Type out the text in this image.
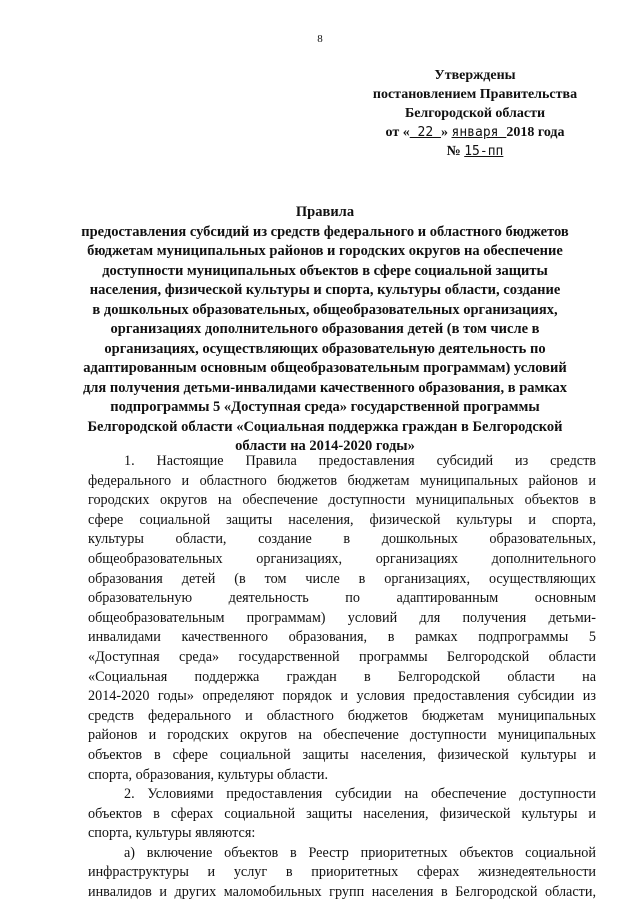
8
Утверждены
постановлением Правительства
Белгородской области
от « 22 » января 2018 года
№ 15-пп
Правила
предоставления субсидий из средств федерального и областного бюджетов
бюджетам муниципальных районов и городских округов на обеспечение
доступности муниципальных объектов в сфере социальной защиты
населения, физической культуры и спорта, культуры области, создание
в дошкольных образовательных, общеобразовательных организациях,
организациях дополнительного образования детей (в том числе в
организациях, осуществляющих образовательную деятельность по
адаптированным основным общеобразовательным программам) условий
для получения детьми-инвалидами качественного образования, в рамках
подпрограммы 5 «Доступная среда» государственной программы
Белгородской области «Социальная поддержка граждан в Белгородской
области на 2014-2020 годы»
1. Настоящие Правила предоставления субсидий из средств
федерального и областного бюджетов бюджетам муниципальных районов и
городских округов на обеспечение доступности муниципальных объектов в
сфере социальной защиты населения, физической культуры и спорта,
культуры области, создание в дошкольных образовательных,
общеобразовательных организациях, организациях дополнительного
образования детей (в том числе в организациях, осуществляющих
образовательную деятельность по адаптированным основным
общеобразовательным программам) условий для получения детьми-
инвалидами качественного образования, в рамках подпрограммы 5
«Доступная среда» государственной программы Белгородской области
«Социальная поддержка граждан в Белгородской области на
2014-2020 годы» определяют порядок и условия предоставления субсидии из
средств федерального и областного бюджетов бюджетам муниципальных
районов и городских округов на обеспечение доступности муниципальных
объектов в сфере социальной защиты населения, физической культуры и
спорта, образования, культуры области.
2. Условиями предоставления субсидии на обеспечение доступности
объектов в сферах социальной защиты населения, физической культуры и
спорта, культуры являются:
а) включение объектов в Реестр приоритетных объектов социальной
инфраструктуры и услуг в приоритетных сферах жизнедеятельности
инвалидов и других маломобильных групп населения в Белгородской области,
